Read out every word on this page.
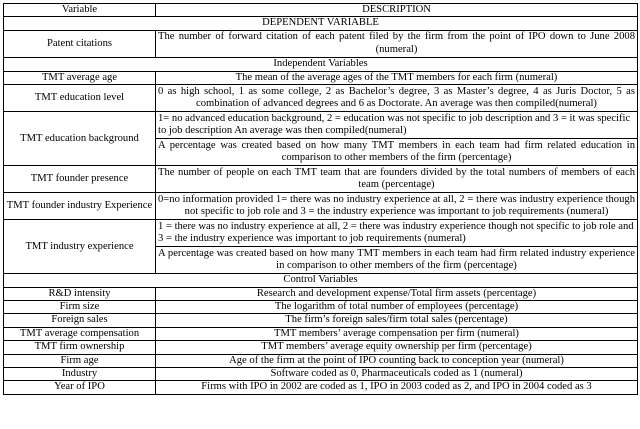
Variable	DESCRIPTION
DEPENDENT VARIABLE	
Patent citations	The number of forward citation of each patent filed by the firm from the point of IPO down to June 2008 (numeral)
Independent Variables	
TMT average age	The mean of the average ages of the TMT members for each firm (numeral)
TMT education level	0 as high school, 1 as some college, 2 as Bachelor’s degree, 3 as Master’s degree, 4 as Juris Doctor, 5 as combination of advanced degrees and 6 as Doctorate. An average was then compiled(numeral)
TMT education background	1= no advanced education background, 2 = education was not specific to job description and 3 = it was specific to job description An average was then compiled(numeral)
	A percentage was created based on how many TMT members in each team had firm related education in comparison to other members of the firm (percentage)
TMT founder presence	The number of people on each TMT team that are founders divided by the total numbers of members of each team (percentage)
TMT founder industry Experience	0=no information provided 1= there was no industry experience at all, 2 = there was industry experience though not specific to job role and 3 = the industry experience was important to job requirements (numeral)
TMT industry experience	1 = there was no industry experience at all, 2 = there was industry experience though not specific to job role and 3 = the industry experience was important to job requirements (numeral)
	A percentage was created based on how many TMT members in each team had firm related industry experience in comparison to other members of the firm (percentage)
Control Variables	
R&D intensity	Research and development expense/Total firm assets (percentage)
Firm size	The logarithm of total number of employees (percentage)
Foreign sales	The firm’s foreign sales/firm total sales (percentage)
TMT average compensation	TMT members’ average compensation per firm (numeral)
TMT firm ownership	TMT members’ average equity ownership per firm (percentage)
Firm age	Age of the firm at the point of IPO counting back to conception year (numeral)
Industry	Software coded as 0, Pharmaceuticals coded as 1 (numeral)
Year of IPO	Firms with IPO in 2002 are coded as 1, IPO in 2003 coded as 2, and IPO in 2004 coded as 3
